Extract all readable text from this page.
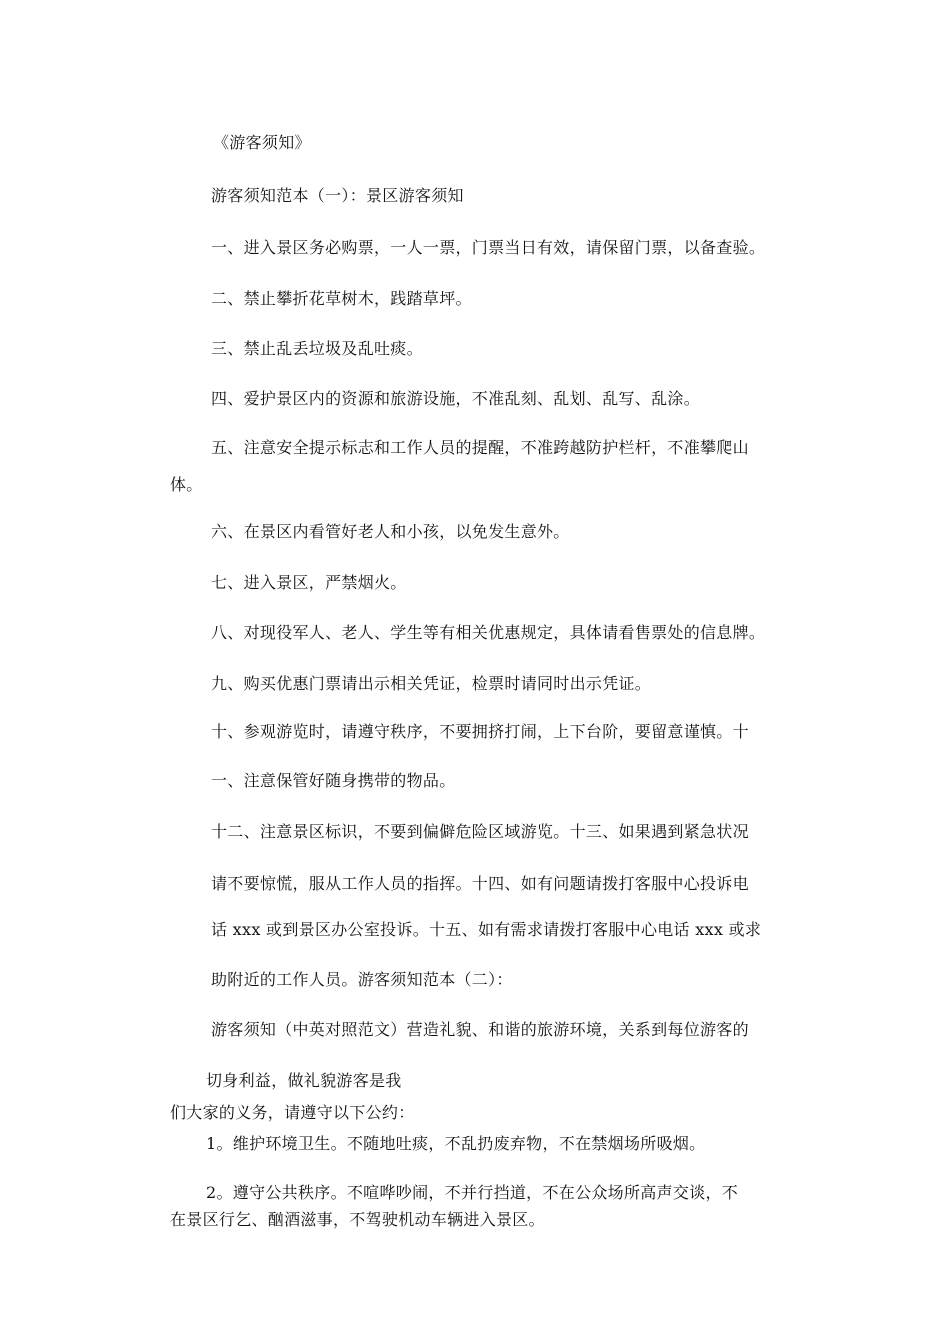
《游客须知》

游客须知范本（一）：景区游客须知

一、进入景区务必购票，一人一票，门票当日有效，请保留门票，以备查验。

二、禁止攀折花草树木，践踏草坪。

三、禁止乱丢垃圾及乱吐痰。

四、爱护景区内的资源和旅游设施，不准乱刻、乱划、乱写、乱涂。

五、注意安全提示标志和工作人员的提醒，不准跨越防护栏杆，不准攀爬山

体。

六、在景区内看管好老人和小孩，以免发生意外。

七、进入景区，严禁烟火。

八、对现役军人、老人、学生等有相关优惠规定，具体请看售票处的信息牌。

九、购买优惠门票请出示相关凭证，检票时请同时出示凭证。

十、参观游览时，请遵守秩序，不要拥挤打闹，上下台阶，要留意谨慎。十

一、注意保管好随身携带的物品。

十二、注意景区标识，不要到偏僻危险区域游览。十三、如果遇到紧急状况

请不要惊慌，服从工作人员的指挥。十四、如有问题请拨打客服中心投诉电

话 xxx 或到景区办公室投诉。十五、如有需求请拨打客服中心电话 xxx 或求

助附近的工作人员。游客须知范本（二）：

游客须知（中英对照范文）营造礼貌、和谐的旅游环境，关系到每位游客的

切身利益，做礼貌游客是我

们大家的义务，请遵守以下公约：

1。维护环境卫生。不随地吐痰，不乱扔废弃物，不在禁烟场所吸烟。

2。遵守公共秩序。不喧哗吵闹，不并行挡道，不在公众场所高声交谈，不

在景区行乞、酗酒滋事，不驾驶机动车辆进入景区。
